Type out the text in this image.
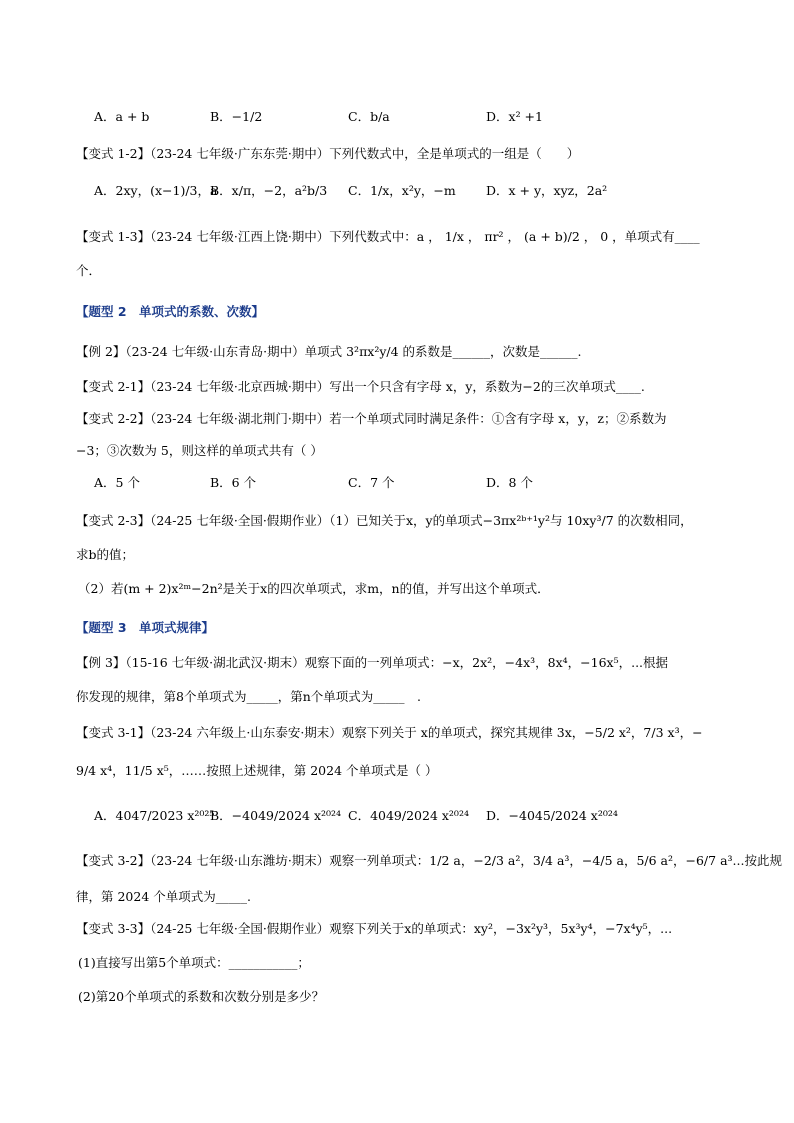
A．a + b	B．−1/2	C．b/a	D．x² +1
【变式 1-2】（23-24 七年级·广东东莞·期中）下列代数式中，全是单项式的一组是（　　）
A．2xy，(x−1)/3，a
B．x/π，−2，a²b/3 C．1/x，x²y，−m D．x + y，xyz，2a²
【变式 1-3】（23-24 七年级·江西上饶·期中）下列代数式中：a ， 1/x ， πr² ， (a + b)/2 ， 0 ，单项式有____
个．
【题型 2　单项式的系数、次数】
【例 2】（23-24 七年级·山东青岛·期中）单项式 3²πx²y/4 的系数是______，次数是______.
【变式 2-1】（23-24 七年级·北京西城·期中）写出一个只含有字母 x，y，系数为−2的三次单项式____.
【变式 2-2】（23-24 七年级·湖北荆门·期中）若一个单项式同时满足条件：①含有字母 x，y，z；②系数为
−3；③次数为 5，则这样的单项式共有（ ）
A．5 个	B．6 个	C．7 个	D．8 个
【变式 2-3】（24-25 七年级·全国·假期作业）（1）已知关于x，y的单项式−3πx²ᵇ⁺¹y²与 10xy³/7 的次数相同，
求b的值；
（2）若(m + 2)x²ᵐ−2n²是关于x的四次单项式，求m，n的值，并写出这个单项式．
【题型 3　单项式规律】
【例 3】（15-16 七年级·湖北武汉·期末）观察下面的一列单项式：−x，2x²，−4x³，8x⁴，−16x⁵，...根据
你发现的规律，第8个单项式为_____，第n个单项式为_____　.
【变式 3-1】（23-24 六年级上·山东泰安·期末）观察下列关于 x的单项式，探究其规律 3x，−5/2 x²，7/3 x³，−
9/4 x⁴，11/5 x⁵，……按照上述规律，第 2024 个单项式是（ ）
A．4047/2023 x²⁰²⁵
B．−4049/2024 x²⁰²⁴ C．4049/2024 x²⁰²⁴ D．−4045/2024 x²⁰²⁴
【变式 3-2】（23-24 七年级·山东潍坊·期末）观察一列单项式：1/2 a，−2/3 a²，3/4 a³，−4/5 a，5/6 a²，−6/7 a³...按此规
律，第 2024 个单项式为_____.
【变式 3-3】（24-25 七年级·全国·假期作业）观察下列关于x的单项式：xy²，−3x²y³，5x³y⁴，−7x⁴y⁵，...
(1)直接写出第5个单项式：___________；
(2)第20个单项式的系数和次数分别是多少？
